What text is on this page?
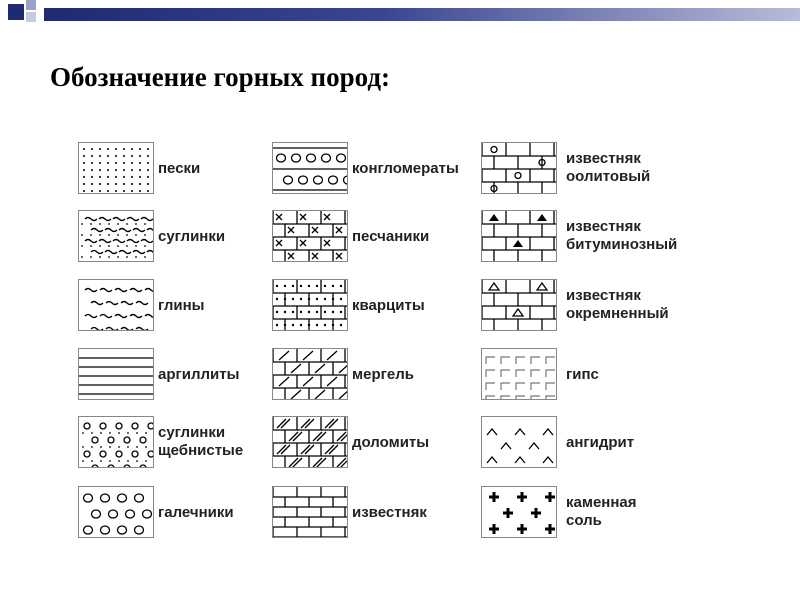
Обозначение горных пород:
пески
суглинки
глины
аргиллиты
суглинки
щебнистые
галечники
конгломераты
песчаники
кварциты
мергель
доломиты
известняк
известняк
оолитовый
известняк
битуминозный
известняк
окремненный
гипс
ангидрит
каменная
соль
